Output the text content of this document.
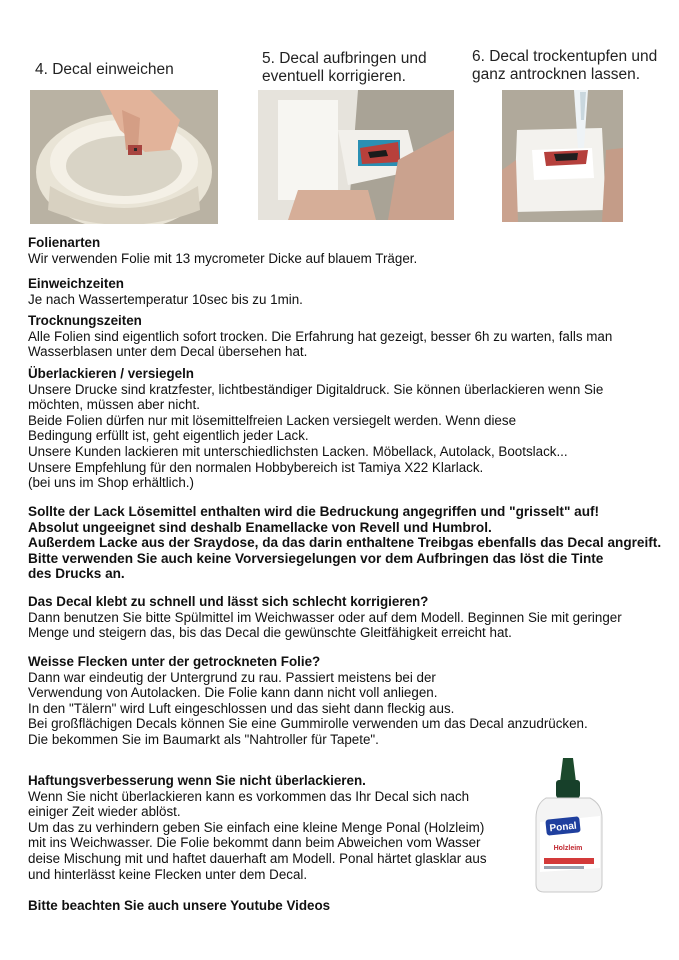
4. Decal einweichen
5. Decal aufbringen und
eventuell korrigieren.
6. Decal trockentupfen und
ganz antrocknen lassen.
Folienarten
Wir verwenden Folie mit 13 mycrometer Dicke auf blauem Träger.
Einweichzeiten
Je nach Wassertemperatur 10sec bis zu 1min.
Trocknungszeiten
Alle Folien sind eigentlich sofort trocken. Die Erfahrung hat gezeigt, besser 6h zu warten, falls man
Wasserblasen unter dem Decal übersehen hat.
Überlackieren / versiegeln
Unsere Drucke sind kratzfester, lichtbeständiger Digitaldruck. Sie können überlackieren wenn Sie
möchten, müssen aber nicht.
Beide Folien dürfen nur mit lösemittelfreien Lacken versiegelt werden. Wenn diese
Bedingung erfüllt ist, geht eigentlich jeder Lack.
Unsere Kunden lackieren mit unterschiedlichsten Lacken. Möbellack, Autolack, Bootslack...
Unsere Empfehlung für den normalen Hobbybereich ist Tamiya X22 Klarlack.
(bei uns im Shop erhältlich.)
Sollte der Lack Lösemittel enthalten wird die Bedruckung angegriffen und "grisselt" auf!
Absolut ungeeignet sind deshalb Enamellacke von Revell und Humbrol.
Außerdem Lacke aus der Sraydose, da das darin enthaltene Treibgas ebenfalls das Decal angreift.
Bitte verwenden Sie auch keine Vorversiegelungen vor dem Aufbringen das löst die Tinte
des Drucks an.
Das Decal klebt zu schnell und lässt sich schlecht korrigieren?
Dann benutzen Sie bitte Spülmittel im Weichwasser oder auf dem Modell. Beginnen Sie mit geringer
Menge und steigern das, bis das Decal die gewünschte Gleitfähigkeit erreicht hat.
Weisse Flecken unter der getrockneten Folie?
Dann war eindeutig der Untergrund zu rau. Passiert meistens bei der
Verwendung von Autolacken. Die Folie kann dann nicht voll anliegen.
In den "Tälern" wird Luft eingeschlossen und das sieht dann fleckig aus.
Bei großflächigen Decals können Sie eine Gummirolle verwenden um das Decal anzudrücken.
Die bekommen Sie im Baumarkt als "Nahtroller für Tapete".
Haftungsverbesserung wenn Sie nicht überlackieren.
Wenn Sie nicht überlackieren kann es vorkommen das Ihr Decal sich nach
einiger Zeit wieder ablöst.
Um das zu verhindern geben Sie einfach eine kleine Menge Ponal (Holzleim)
mit ins Weichwasser. Die Folie bekommt dann beim Abweichen vom Wasser
deise Mischung mit und haftet dauerhaft am Modell. Ponal härtet glasklar aus
und hinterlässt keine Flecken unter dem Decal.
Ponal
Holzleim
Bitte beachten Sie auch unsere Youtube Videos
